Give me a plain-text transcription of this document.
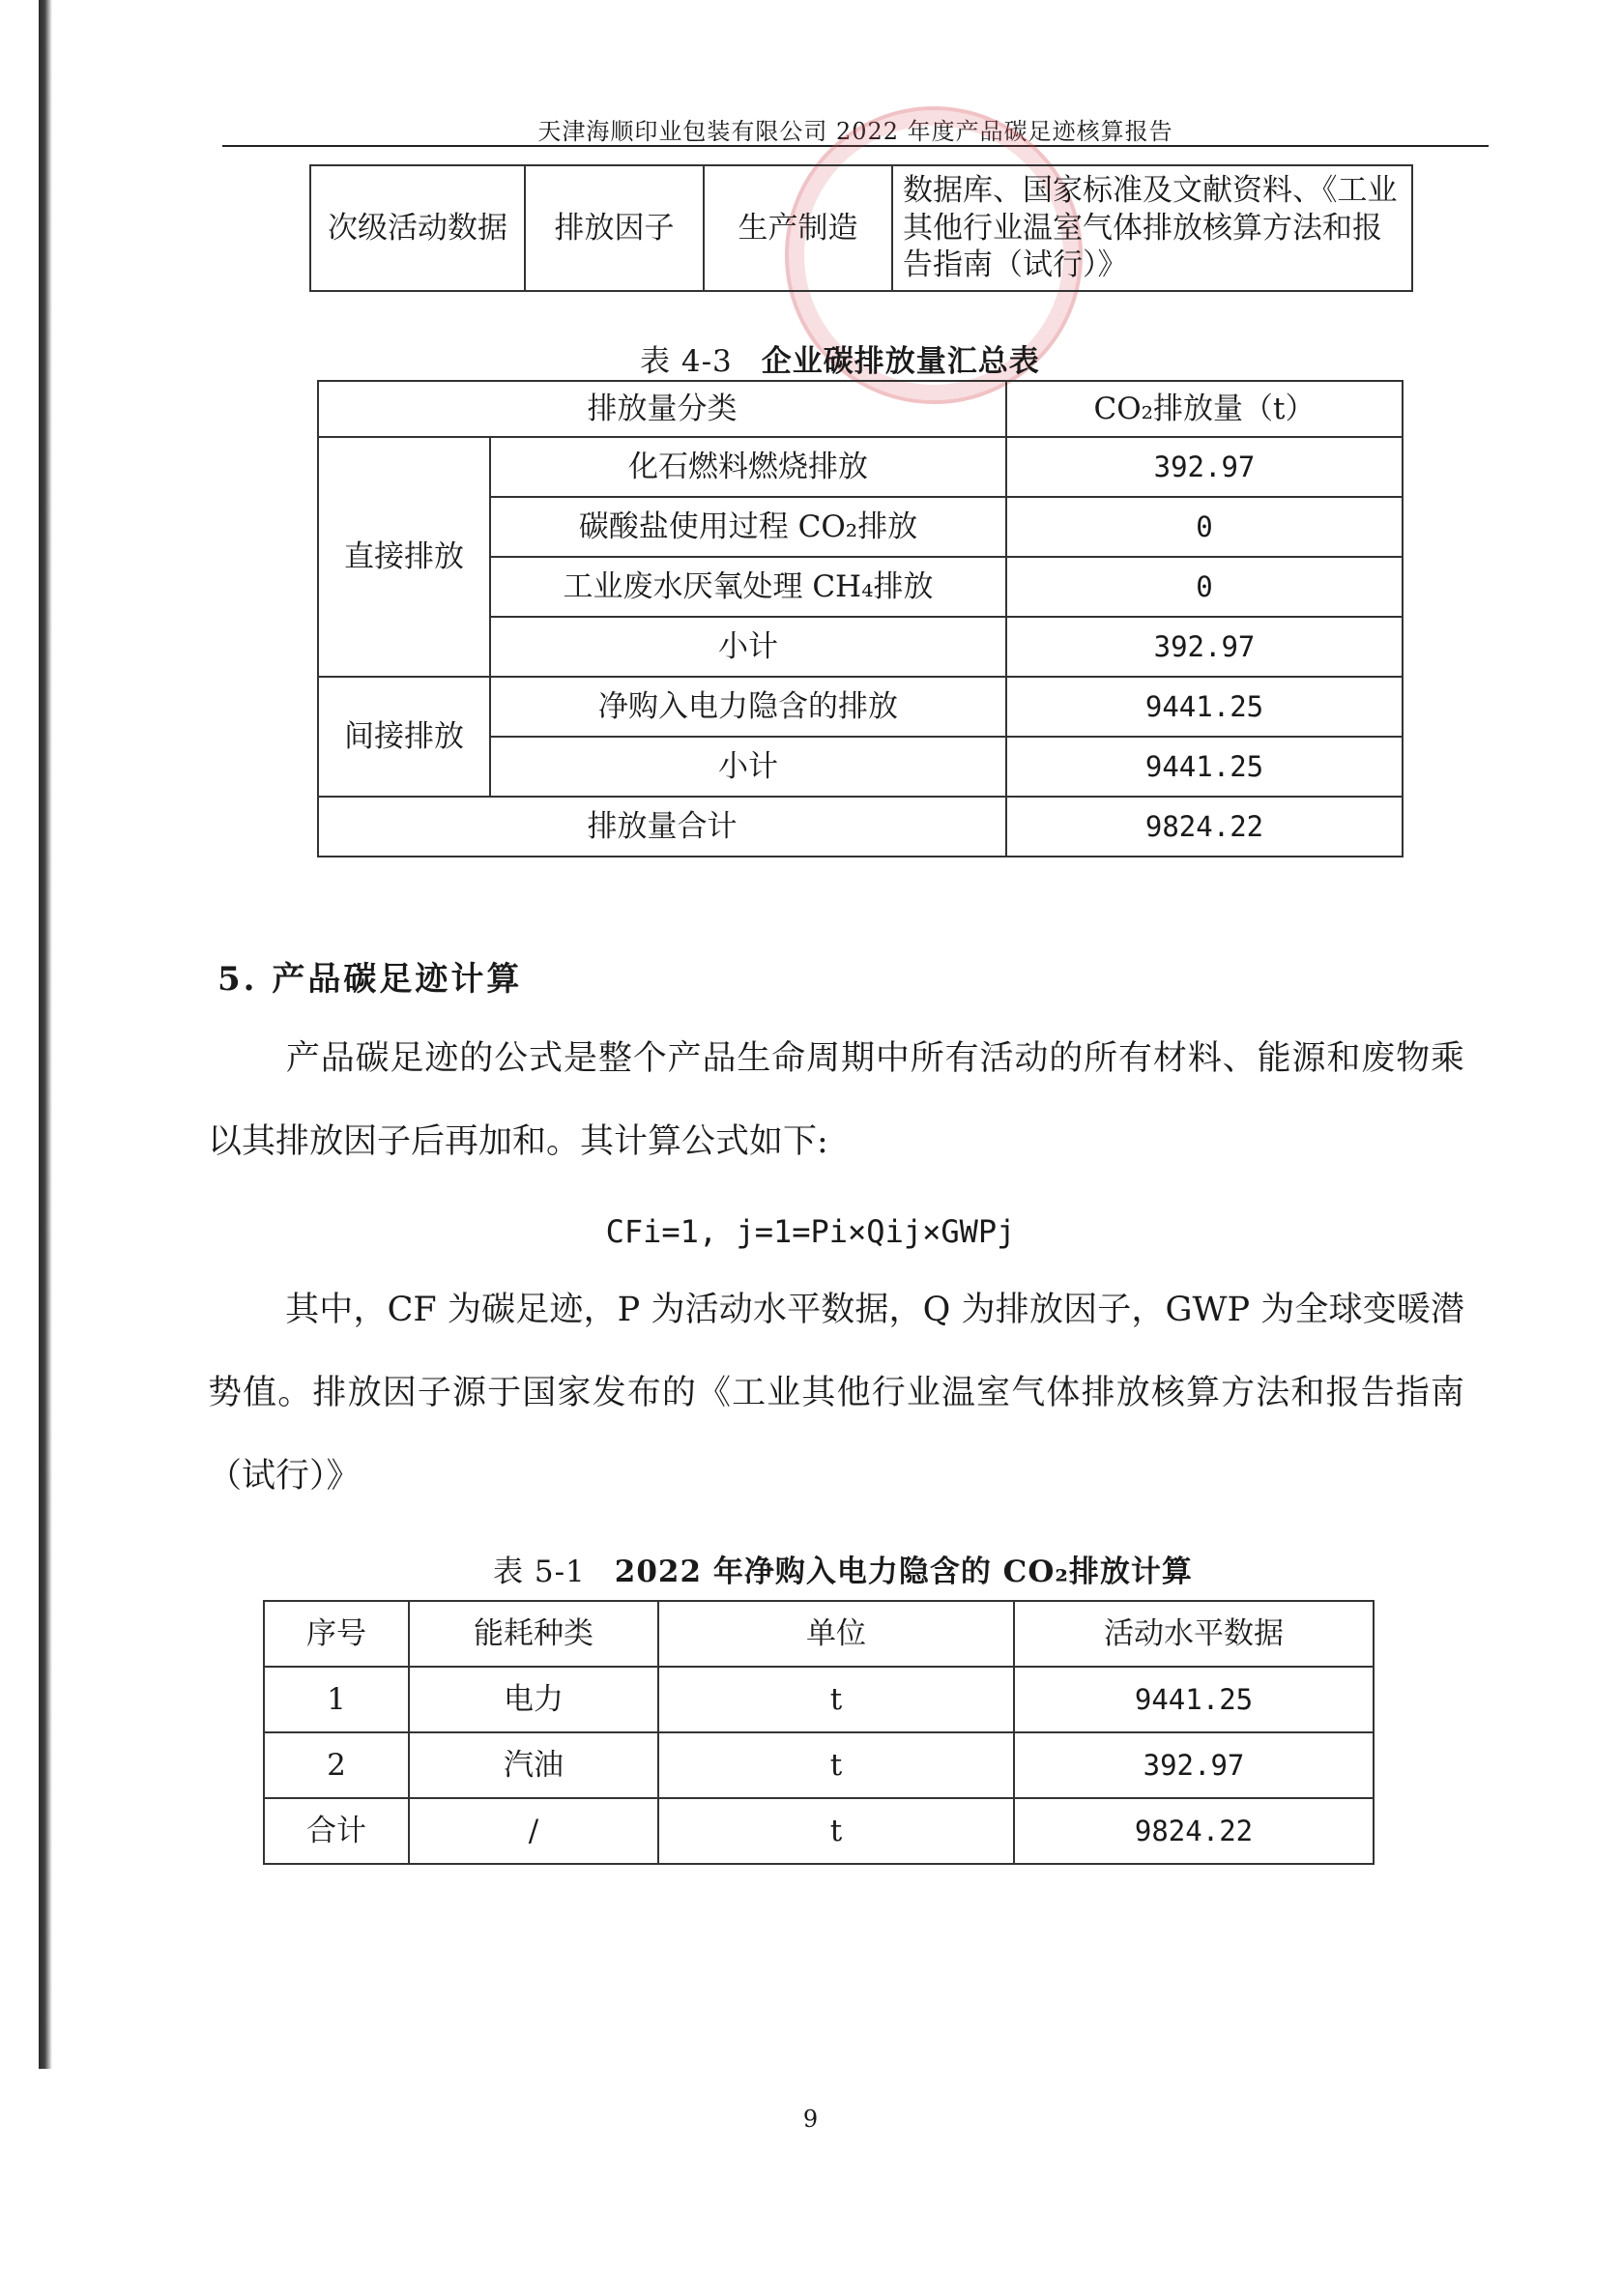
天津海顺印业包装有限公司 2022 年度产品碳足迹核算报告
次级活动数据	排放因子	生产制造	数据库、国家标准及文献资料、《工业其他行业温室气体排放核算方法和报告指南（试行）》
表 4-3 企业碳排放量汇总表
排放量分类		CO₂排放量（t）
直接排放	化石燃料燃烧排放	392.97
	碳酸盐使用过程 CO₂排放	0
	工业废水厌氧处理 CH₄排放	0
	小计	392.97
间接排放	净购入电力隐含的排放	9441.25
	小计	9441.25
排放量合计		9824.22
5. 产品碳足迹计算
产品碳足迹的公式是整个产品生命周期中所有活动的所有材料、能源和废物乘以其排放因子后再加和。其计算公式如下:
CFi=1, j=1=Pi×Qij×GWPj
其中，CF 为碳足迹，P 为活动水平数据，Q 为排放因子，GWP 为全球变暖潜势值。排放因子源于国家发布的《工业其他行业温室气体排放核算方法和报告指南（试行）》
表 5-1 2022 年净购入电力隐含的 CO₂排放计算
序号	能耗种类	单位	活动水平数据
1	电力	t	9441.25
2	汽油	t	392.97
合计	/	t	9824.22
9
